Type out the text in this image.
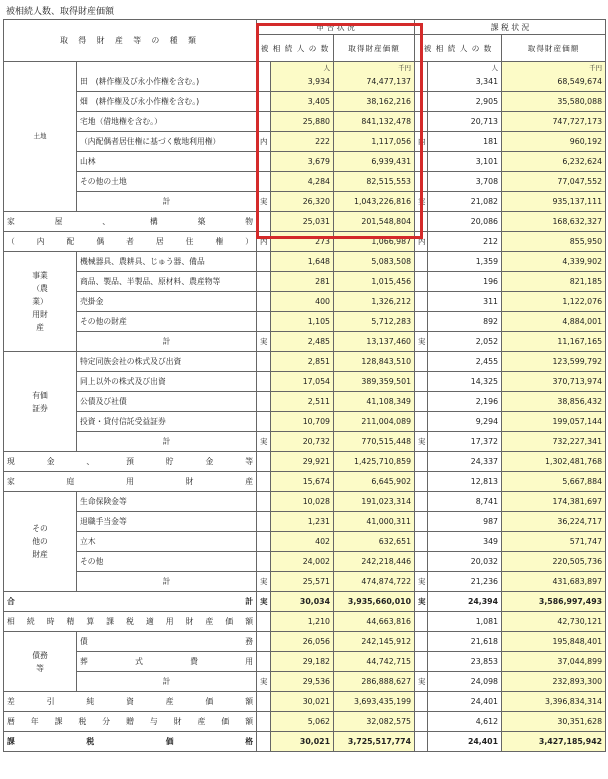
被相続人数、取得財産価額
取 得 財 産 等 の 種 類		申 告 状 況			課 税 状 況		
		被 相 続 人 の 数		取得財産価額	被 相 続 人 の 数		取得財産価額

土地			人	千円		人	千円
	田　(耕作権及び永小作権を含む。)		3,934	74,477,137		3,341	68,549,674
	畑　(耕作権及び永小作権を含む。)		3,405	38,162,216		2,905	35,580,088
	宅地（借地権を含む。）		25,880	841,132,478		20,713	747,727,173
	（内配偶者居住権に基づく敷地利用権）	内	222	1,117,056	内	181	960,192
	山林		3,679	6,939,431		3,101	6,232,624
	その他の土地		4,284	82,515,553		3,708	77,047,552
	計	実	26,320	1,043,226,816	実	21,082	935,137,111
家屋、構築物			25,031	201,548,804		20,086	168,632,327
（内配偶者居住権）		内	273	1,066,987	内	212	855,950
事業（農業）用財産	機械器具、農耕具、じゅう器、備品		1,648	5,083,508		1,359	4,339,902
	商品、製品、半製品、原材料、農産物等		281	1,015,456		196	821,185
	売掛金		400	1,326,212		311	1,122,076
	その他の財産		1,105	5,712,283		892	4,884,001
	計	実	2,485	13,137,460	実	2,052	11,167,165
有価証券	特定同族会社の株式及び出資		2,851	128,843,510		2,455	123,599,792
	同上以外の株式及び出資		17,054	389,359,501		14,325	370,713,974
	公債及び社債		2,511	41,108,349		2,196	38,856,432
	投資・貸付信託受益証券		10,709	211,004,089		9,294	199,057,144
	計	実	20,732	770,515,448	実	17,372	732,227,341
現金、預貯金等			29,921	1,425,710,859		24,337	1,302,481,768
家庭用財産			15,674	6,645,902		12,813	5,667,884
その他の財産	生命保険金等		10,028	191,023,314		8,741	174,381,697
	退職手当金等		1,231	41,000,311		987	36,224,717
	立木		402	632,651		349	571,747
	その他		24,002	242,218,446		20,032	220,505,736
	計	実	25,571	474,874,722	実	21,236	431,683,897
合計		実	30,034	3,935,660,010	実	24,394	3,586,997,493
相続時精算課税適用財産価額			1,210	44,663,816		1,081	42,730,121
債務等	債務		26,056	242,145,912		21,618	195,848,401
	葬式費用		29,182	44,742,715		23,853	37,044,899
	計	実	29,536	286,888,627	実	24,098	232,893,300
差引純資産価額			30,021	3,693,435,199		24,401	3,396,834,314
暦年課税分贈与財産価額			5,062	32,082,575		4,612	30,351,628
課税価格			30,021	3,725,517,774		24,401	3,427,185,942
